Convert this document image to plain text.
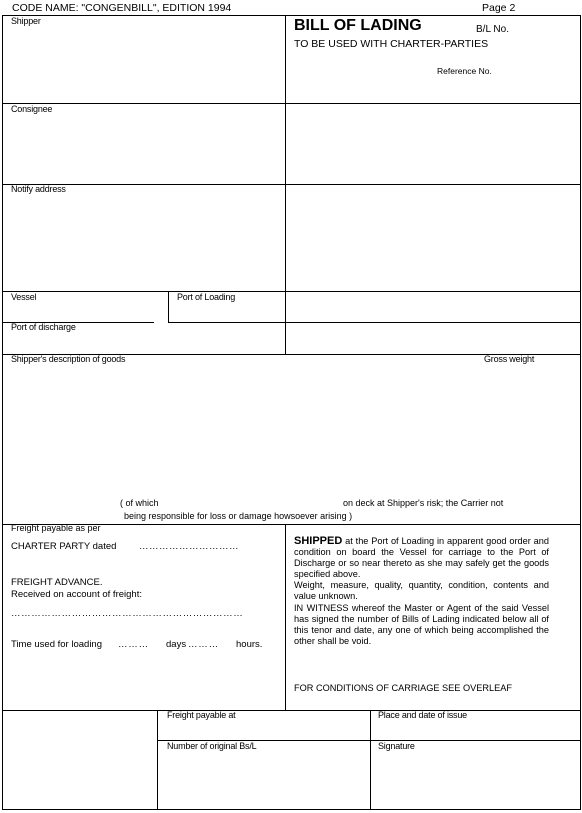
CODE NAME: "CONGENBILL", EDITION 1994	Page 2
BILL OF LADING	B/L No.
TO BE USED WITH CHARTER-PARTIES
Reference No.
Shipper
Consignee
Notify address
Vessel	Port of Loading
Port of discharge
Shipper's description of goods	Gross weight
( of which	on deck at Shipper's risk; the Carrier not
being responsible for loss or damage howsoever arising )
Freight payable as per
CHARTER PARTY dated …………………………
FREIGHT ADVANCE.
Received on account of freight:
……………………………………………………………
Time used for loading ……… days ……… hours.

SHIPPED at the Port of Loading in apparent good order and condition on board the Vessel for carriage to the Port of Discharge or so near thereto as she may safely get the goods specified above.

Weight, measure, quality, quantity, condition, contents and value unknown.

IN WITNESS whereof the Master or Agent of the said Vessel has signed the number of Bills of Lading indicated below all of this tenor and date, any one of which being accomplished the other shall be void.

FOR CONDITIONS OF CARRIAGE SEE OVERLEAF
Freight payable at	Place and date of issue
Number of original Bs/L	Signature
